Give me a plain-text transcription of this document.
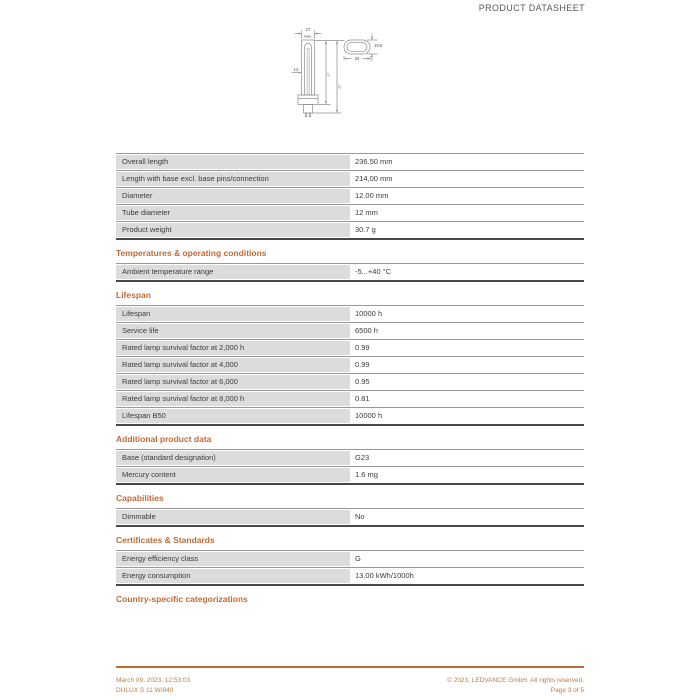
PRODUCT DATASHEET
27
max.
12
l₁
l₂
19.5
34
Overall length	236.50 mm
Length with base excl. base pins/connection	214,00 mm
Diameter	12.00 mm
Tube diameter	12 mm
Product weight	30.7 g
Temperatures & operating conditions
Ambient temperature range	-5...+40 °C
Lifespan
Lifespan	10000 h
Service life	6500 h
Rated lamp survival factor at 2,000 h	0.99
Rated lamp survival factor at 4,000	0.99
Rated lamp survival factor at 6,000	0.95
Rated lamp survival factor at 8,000 h	0.81
Lifespan B50	10000 h
Additional product data
Base (standard designation)	G23
Mercury content	1.6 mg
Capabilities
Dimmable	No
Certificates & Standards
Energy efficiency class	G
Energy consumption	13.00 kWh/1000h
Country-specific categorizations
March 09, 2023, 12:53:03
DULUX S 11 W/840
© 2023, LEDVANCE GmbH. All rights reserved.
Page 3 of 5
